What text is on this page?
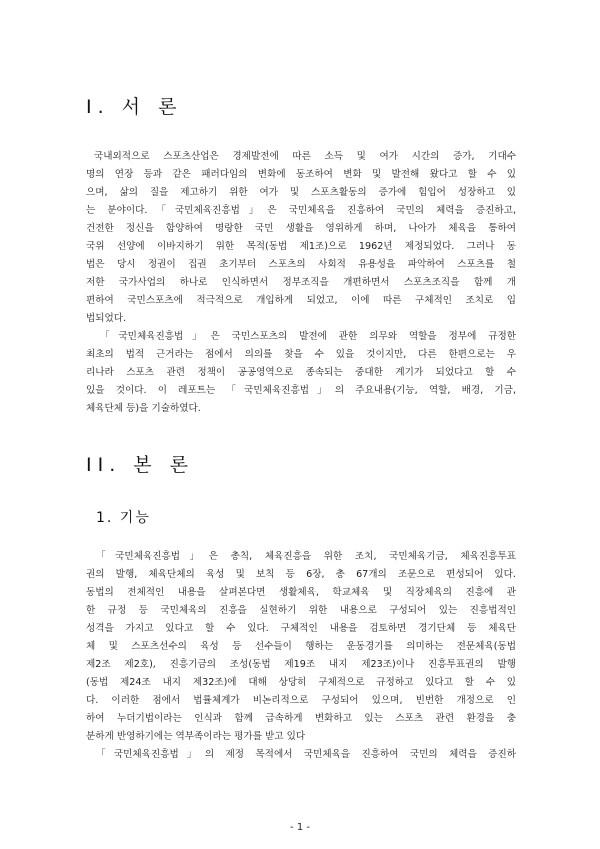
I. 서 론
국내외적으로 스포츠산업은 경제발전에 따른 소득 및 여가 시간의 증가, 기대수
명의 연장 등과 같은 패러다임의 변화에 동조하여 변화 및 발전해 왔다고 할 수 있
으며, 삶의 질을 제고하기 위한 여가 및 스포츠활동의 증가에 힘입어 성장하고 있
는 분야이다.「국민체육진흥법」은 국민체육을 진흥하여 국민의 체력을 증진하고,
건전한 정신을 함양하여 명랑한 국민 생활을 영위하게 하며, 나아가 체육을 통하여
국위 선양에 이바지하기 위한 목적(동법 제1조)으로 1962년 제정되었다. 그러나 동
법은 당시 정권이 집권 초기부터 스포츠의 사회적 유용성을 파악하여 스포츠를 철
저한 국가사업의 하나로 인식하면서 정부조직을 개편하면서 스포츠조직을 함께 개
편하여 국민스포츠에 적극적으로 개입하게 되었고, 이에 따른 구체적인 조치로 입
법되었다.
「국민체육진흥법」은 국민스포츠의 발전에 관한 의무와 역할을 정부에 규정한
최초의 법적 근거라는 점에서 의의를 찾을 수 있을 것이지만, 다른 한편으로는 우
리나라 스포츠 관련 정책이 공공영역으로 종속되는 중대한 계기가 되었다고 할 수
있을 것이다. 이 레포트는 「국민체육진흥법」의 주요내용(기능, 역할, 배경, 기금,
체육단체 등)을 기술하였다.
II. 본 론
1. 기능
「국민체육진흥법」은 총칙, 체육진흥을 위한 조치, 국민체육기금, 체육진흥투표
권의 발행, 체육단체의 육성 및 보칙 등 6장, 총 67개의 조문으로 편성되어 있다.
동법의 전체적인 내용을 살펴본다면 생활체육, 학교체육 및 직장체육의 진흥에 관
한 규정 등 국민체육의 진흥을 실현하기 위한 내용으로 구성되어 있는 진흥법적인
성격을 가지고 있다고 할 수 있다. 구체적인 내용을 검토하면 경기단체 등 체육단
체 및 스포츠선수의 육성 등 선수들이 행하는 운동경기를 의미하는 전문체육(동법
제2조 제2호), 진흥기금의 조성(동법 제19조 내지 제23조)이나 진흥투표권의 발행
(동법 제24조 내지 제32조)에 대해 상당히 구체적으로 규정하고 있다고 할 수 있
다. 이러한 점에서 법률체계가 비논리적으로 구성되어 있으며, 빈번한 개정으로 인
하여 누더기법이라는 인식과 함께 급속하게 변화하고 있는 스포츠 관련 환경을 충
분하게 반영하기에는 역부족이라는 평가를 받고 있다
「국민체육진흥법」의 제정 목적에서 국민체육을 진흥하여 국민의 체력을 증진하
- 1 -
